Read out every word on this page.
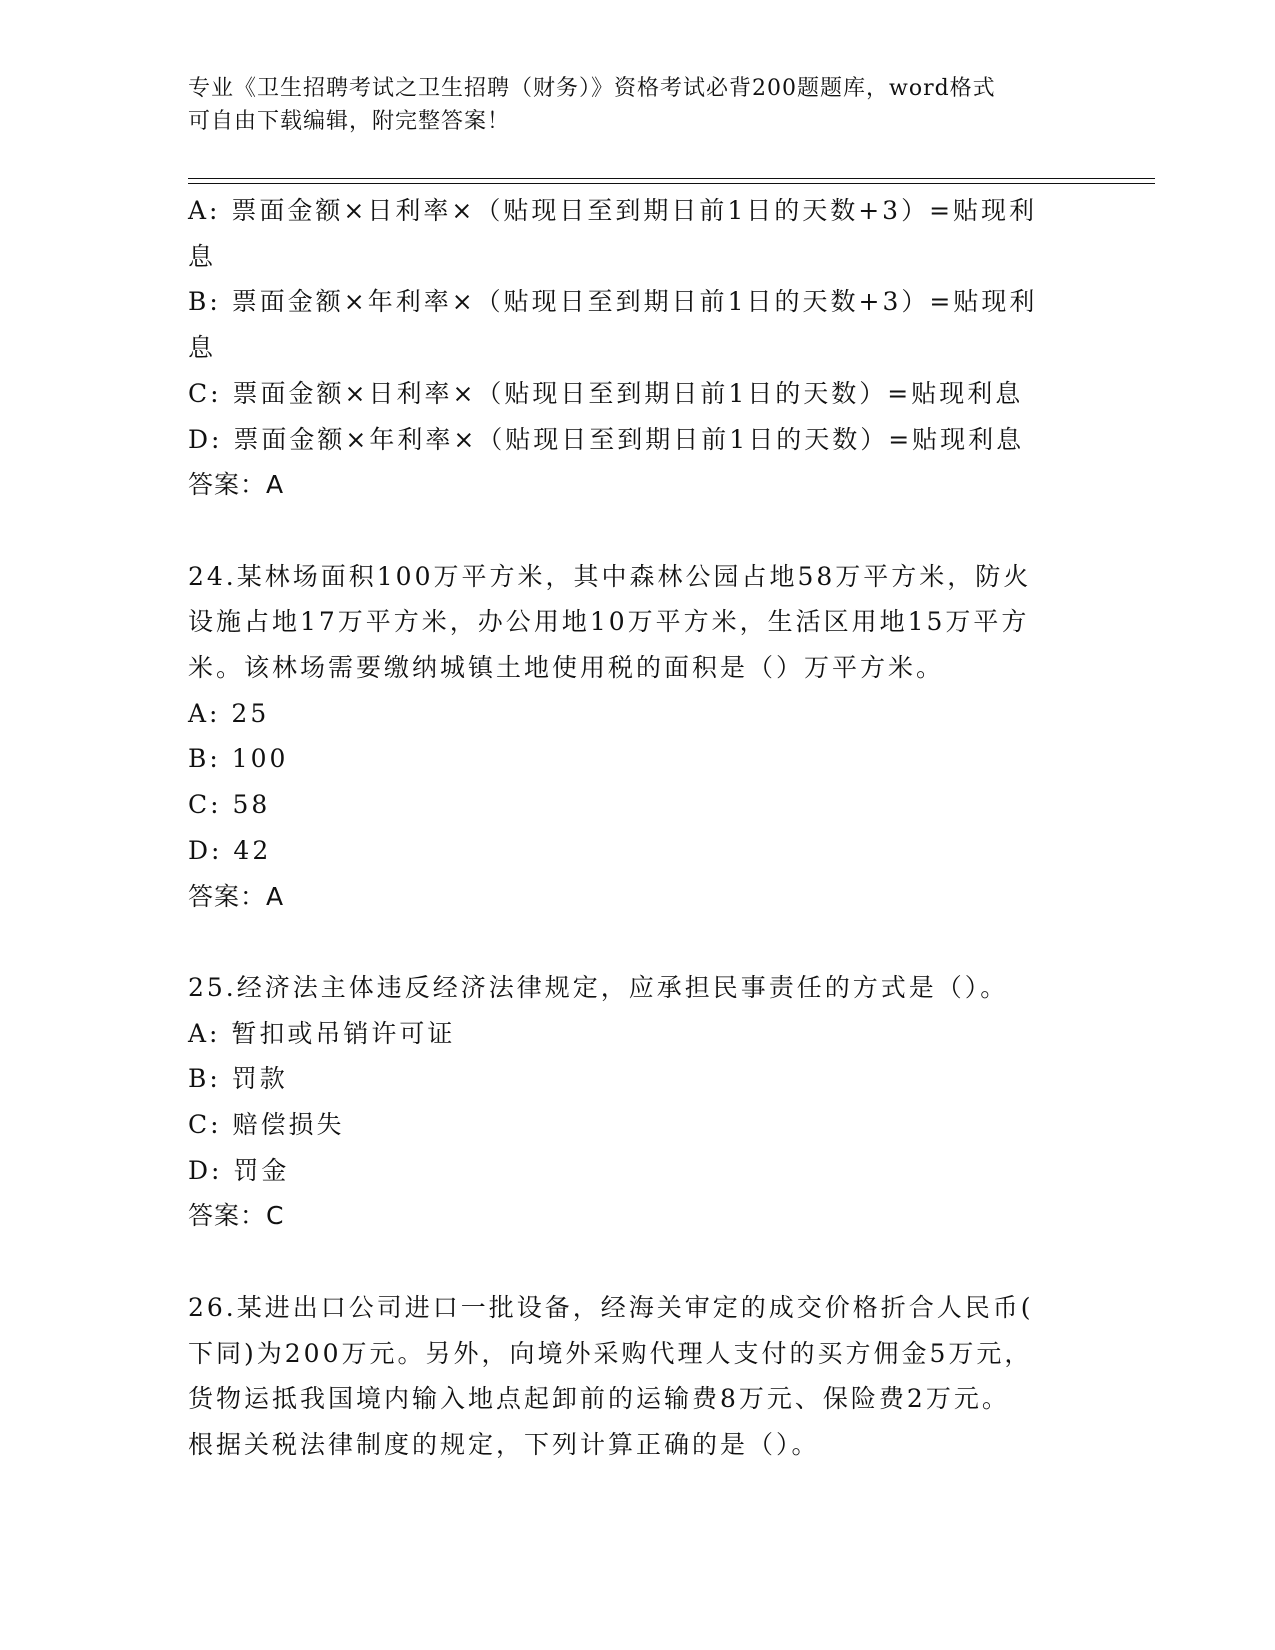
专业《卫生招聘考试之卫生招聘（财务）》资格考试必背200题题库，word格式
可自由下载编辑，附完整答案！
A: 票面金额×日利率×（贴现日至到期日前1日的天数+3）=贴现利
息
B: 票面金额×年利率×（贴现日至到期日前1日的天数+3）=贴现利
息
C: 票面金额×日利率×（贴现日至到期日前1日的天数）=贴现利息
D: 票面金额×年利率×（贴现日至到期日前1日的天数）=贴现利息
答案：A
24.某林场面积100万平方米，其中森林公园占地58万平方米，防火
设施占地17万平方米，办公用地10万平方米，生活区用地15万平方
米。该林场需要缴纳城镇土地使用税的面积是（）万平方米。
A: 25
B: 100
C: 58
D: 42
答案：A
25.经济法主体违反经济法律规定，应承担民事责任的方式是（）。
A: 暂扣或吊销许可证
B: 罚款
C: 赔偿损失
D: 罚金
答案：C
26.某进出口公司进口一批设备，经海关审定的成交价格折合人民币(
下同)为200万元。另外，向境外采购代理人支付的买方佣金5万元，
货物运抵我国境内输入地点起卸前的运输费8万元、保险费2万元。
根据关税法律制度的规定，下列计算正确的是（）。
